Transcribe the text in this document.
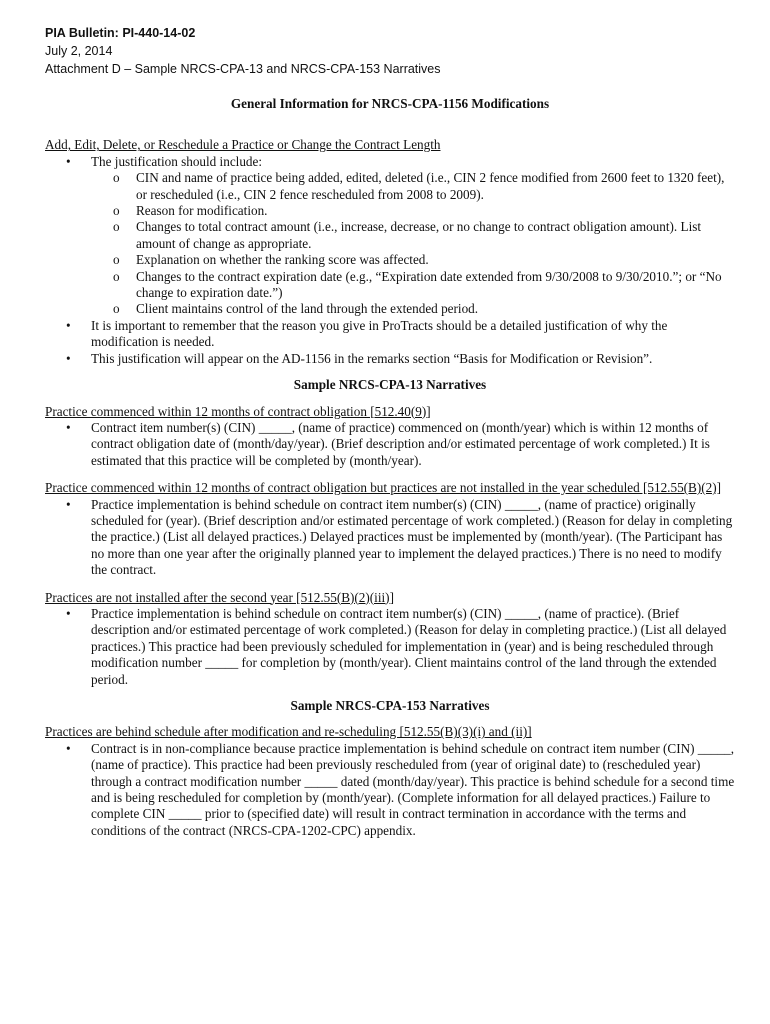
PIA Bulletin: PI-440-14-02
July 2, 2014
Attachment D – Sample NRCS-CPA-13 and NRCS-CPA-153 Narratives

General Information for NRCS-CPA-1156 Modifications

Add, Edit, Delete, or Reschedule a Practice or Change the Contract Length

• The justification should include:
o CIN and name of practice being added, edited, deleted (i.e., CIN 2 fence modified from 2600 feet to 1320 feet), or rescheduled (i.e., CIN 2 fence rescheduled from 2008 to 2009).
o Reason for modification.
o Changes to total contract amount (i.e., increase, decrease, or no change to contract obligation amount). List amount of change as appropriate.
o Explanation on whether the ranking score was affected.
o Changes to the contract expiration date (e.g., “Expiration date extended from 9/30/2008 to 9/30/2010.”; or “No change to expiration date.”)
o Client maintains control of the land through the extended period.
• It is important to remember that the reason you give in ProTracts should be a detailed justification of why the modification is needed.
• This justification will appear on the AD-1156 in the remarks section “Basis for Modification or Revision”.

Sample NRCS-CPA-13 Narratives

Practice commenced within 12 months of contract obligation [512.40(9)]

• Contract item number(s) (CIN) _____, (name of practice) commenced on (month/year) which is within 12 months of contract obligation date of (month/day/year). (Brief description and/or estimated percentage of work completed.) It is estimated that this practice will be completed by (month/year).

Practice commenced within 12 months of contract obligation but practices are not installed in the year scheduled [512.55(B)(2)]

• Practice implementation is behind schedule on contract item number(s) (CIN) _____, (name of practice) originally scheduled for (year). (Brief description and/or estimated percentage of work completed.) (Reason for delay in completing the practice.) (List all delayed practices.) Delayed practices must be implemented by (month/year). (The Participant has no more than one year after the originally planned year to implement the delayed practices.) There is no need to modify the contract.

Practices are not installed after the second year [512.55(B)(2)(iii)]

• Practice implementation is behind schedule on contract item number(s) (CIN) _____, (name of practice). (Brief description and/or estimated percentage of work completed.) (Reason for delay in completing practice.) (List all delayed practices.) This practice had been previously scheduled for implementation in (year) and is being rescheduled through modification number _____ for completion by (month/year). Client maintains control of the land through the extended period.

Sample NRCS-CPA-153 Narratives

Practices are behind schedule after modification and re-scheduling [512.55(B)(3)(i) and (ii)]

• Contract is in non-compliance because practice implementation is behind schedule on contract item number (CIN) _____, (name of practice). This practice had been previously rescheduled from (year of original date) to (rescheduled year) through a contract modification number _____ dated (month/day/year). This practice is behind schedule for a second time and is being rescheduled for completion by (month/year). (Complete information for all delayed practices.) Failure to complete CIN _____ prior to (specified date) will result in contract termination in accordance with the terms and conditions of the contract (NRCS-CPA-1202-CPC) appendix.
